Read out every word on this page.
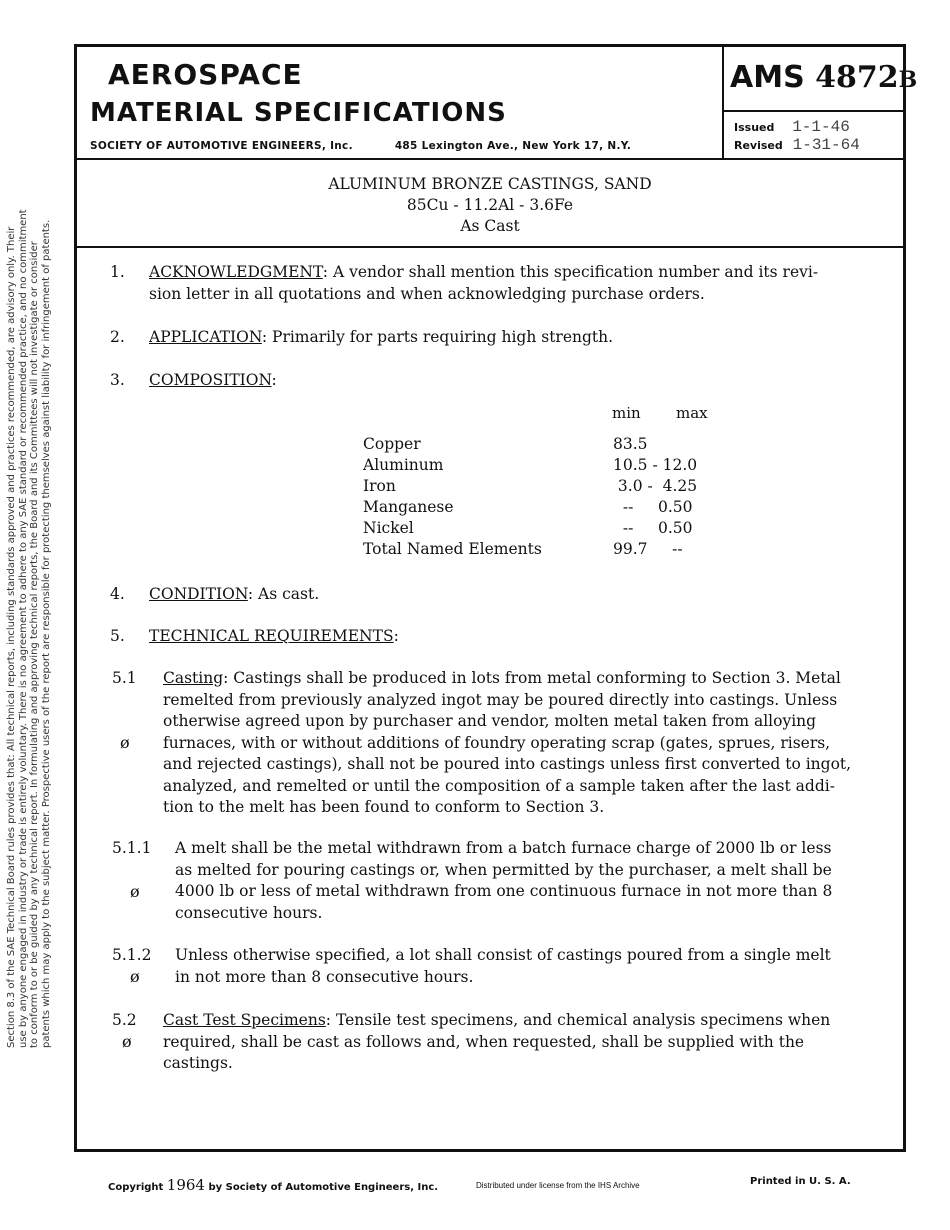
Section 8.3 of the SAE Technical Board rules provides that: All technical reports, including standards approved and practices recommended, are advisory only. Their use by anyone engaged in industry or trade is entirely voluntary. There is no agreement to adhere to any SAE standard or recommended practice, and no commitment to conform to or be guided by any technical report. In formulating and approving technical reports, the Board and its Committees will not investigate or consider patents which may apply to the subject matter. Prospective users of the report are responsible for protecting themselves against liability for infringement of patents.
AEROSPACE
MATERIAL SPECIFICATIONS
SOCIETY OF AUTOMOTIVE ENGINEERS, Inc.	485 Lexington Ave., New York 17, N.Y.
AMS 4872B
Issued 1-1-46
Revised 1-31-64
ALUMINUM BRONZE CASTINGS, SAND
85Cu - 11.2Al - 3.6Fe
As Cast
1. ACKNOWLEDGMENT: A vendor shall mention this specification number and its revi-
sion letter in all quotations and when acknowledging purchase orders.
2. APPLICATION: Primarily for parts requiring high strength.
3. COMPOSITION:
min max
Copper	83.5
Aluminum	10.5 - 12.0
Iron	3.0 -  4.25
Manganese	--     0.50
Nickel	--     0.50
Total Named Elements	99.7     --
4. CONDITION: As cast.
5. TECHNICAL REQUIREMENTS:
5.1 Casting: Castings shall be produced in lots from metal conforming to Section 3. Metal
remelted from previously analyzed ingot may be poured directly into castings. Unless
otherwise agreed upon by purchaser and vendor, molten metal taken from alloying
furnaces, with or without additions of foundry operating scrap (gates, sprues, risers,
and rejected castings), shall not be poured into castings unless first converted to ingot,
analyzed, and remelted or until the composition of a sample taken after the last addi-
tion to the melt has been found to conform to Section 3.
ø
5.1.1 A melt shall be the metal withdrawn from a batch furnace charge of 2000 lb or less
as melted for pouring castings or, when permitted by the purchaser, a melt shall be
4000 lb or less of metal withdrawn from one continuous furnace in not more than 8
consecutive hours.
ø
5.1.2 Unless otherwise specified, a lot shall consist of castings poured from a single melt
in not more than 8 consecutive hours.
ø
5.2 Cast Test Specimens: Tensile test specimens, and chemical analysis specimens when
required, shall be cast as follows and, when requested, shall be supplied with the
castings.
ø
Copyright 1964 by Society of Automotive Engineers, Inc.	Distributed under license from the IHS Archive	Printed in U. S. A.
